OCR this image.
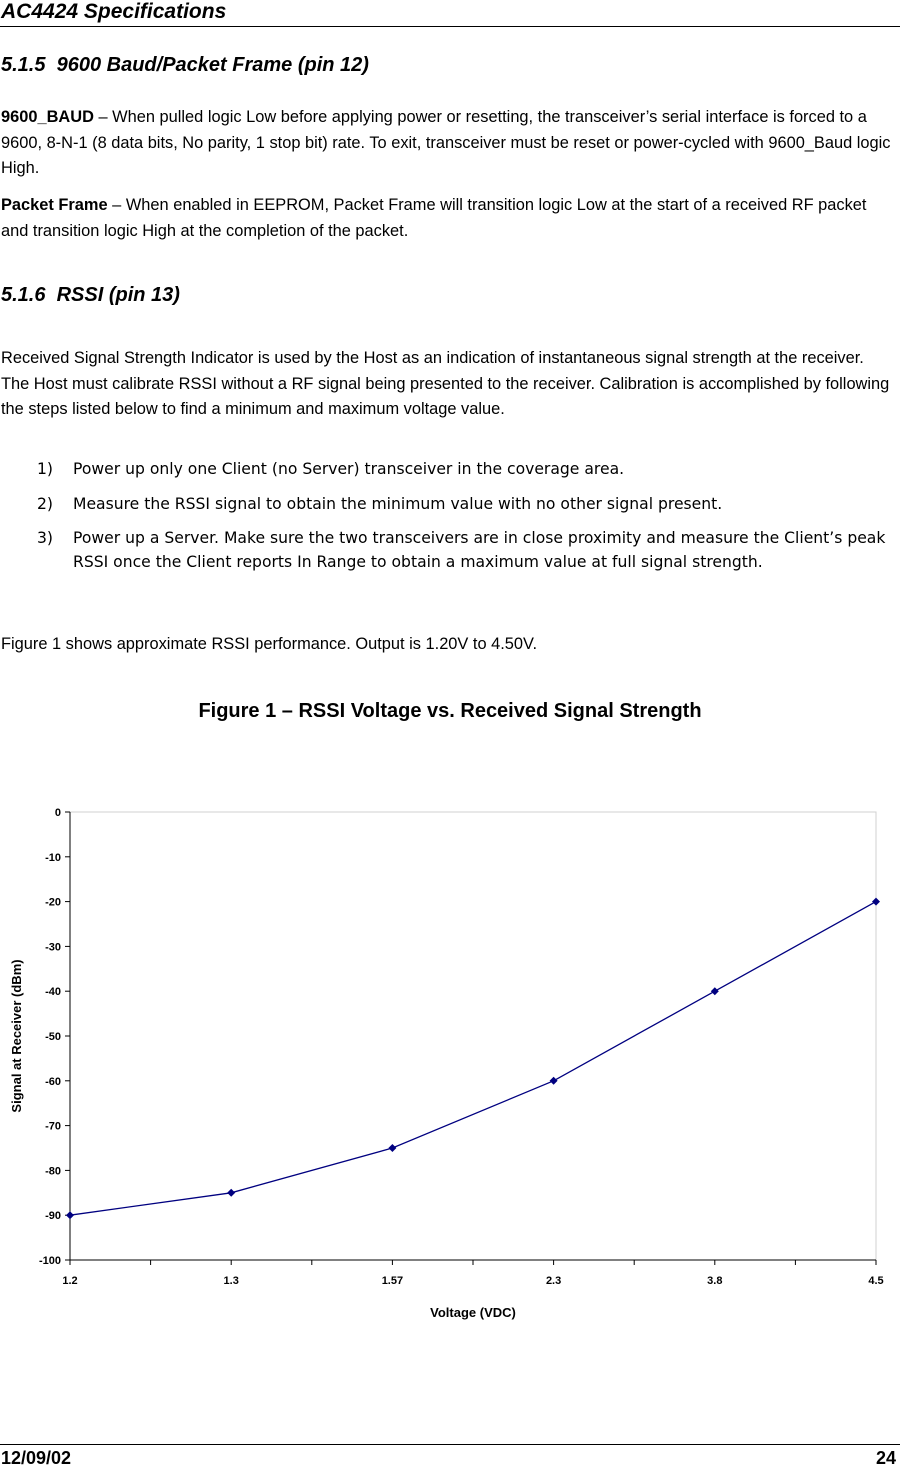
AC4424 Specifications
5.1.5  9600 Baud/Packet Frame (pin 12)
9600_BAUD – When pulled logic Low before applying power or resetting, the transceiver’s serial interface is forced to a 9600, 8-N-1 (8 data bits, No parity, 1 stop bit) rate. To exit, transceiver must be reset or power-cycled with 9600_Baud logic High.
Packet Frame – When enabled in EEPROM, Packet Frame will transition logic Low at the start of a received RF packet and transition logic High at the completion of the packet.
5.1.6  RSSI (pin 13)
Received Signal Strength Indicator is used by the Host as an indication of instantaneous signal strength at the receiver. The Host must calibrate RSSI without a RF signal being presented to the receiver. Calibration is accomplished by following the steps listed below to find a minimum and maximum voltage value.
1) Power up only one Client (no Server) transceiver in the coverage area.
2) Measure the RSSI signal to obtain the minimum value with no other signal present.
3) Power up a Server. Make sure the two transceivers are in close proximity and measure the Client’s peak RSSI once the Client reports In Range to obtain a maximum value at full signal strength.
Figure 1 shows approximate RSSI performance. Output is 1.20V to 4.50V.
Figure 1 – RSSI Voltage vs. Received Signal Strength
0
-10
-20
-30
-40
-50
-60
-70
-80
-90
-100
1.2	1.3	1.57	2.3	3.8	4.5
Voltage (VDC)
Signal at Receiver (dBm)
12/09/02	24
